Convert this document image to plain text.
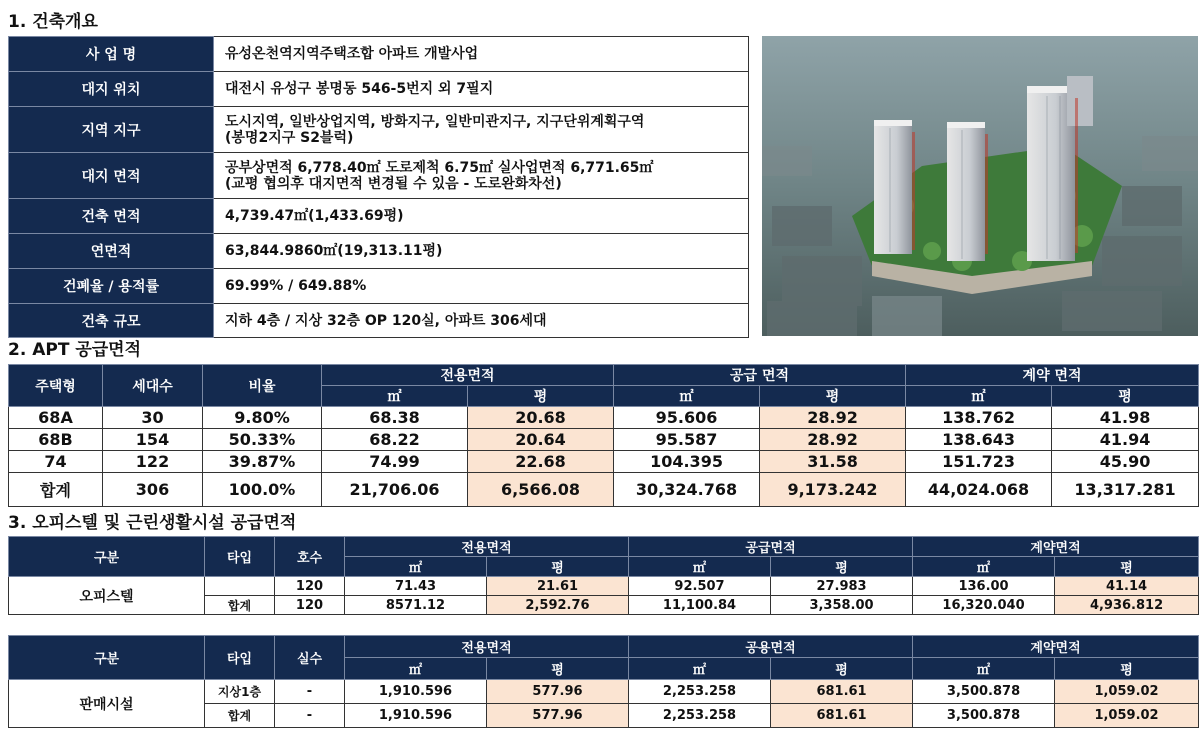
1. 건축개요
2. APT 공급면적
3. 오피스텔 및 근린생활시설 공급면적
사 업 명	유성온천역지역주택조합 아파트 개발사업
대지 위치	대전시 유성구 봉명동 546-5번지 외 7필지
지역 지구	도시지역, 일반상업지역, 방화지구, 일반미관지구, 지구단위계획구역
(봉명2지구 S2블럭)

대지 면적	공부상면적 6,778.40㎡ 도로제척 6.75㎡ 실사업면적 6,771.65㎡
(교평 협의후 대지면적 변경될 수 있음 - 도로완화차선)

건축 면적	4,739.47㎡(1,433.69평)
연면적	63,844.9860㎡(19,313.11평)
건폐율 / 용적률	69.99% / 649.88%
건축 규모	지하 4층 / 지상 32층 OP 120실, 아파트 306세대
주택형	세대수	비율	전용면적		공급 면적		계약 면적	
			㎡	평	㎡	평	㎡	평
68A	30	9.80%	68.38	20.68	95.606	28.92	138.762	41.98
68B	154	50.33%	68.22	20.64	95.587	28.92	138.643	41.94
74	122	39.87%	74.99	22.68	104.395	31.58	151.723	45.90
합계	306	100.0%	21,706.06	6,566.08	30,324.768	9,173.242	44,024.068	13,317.281
구분	타입	호수	전용면적		공급면적		계약면적	
			㎡	평	㎡	평	㎡	평
오피스텔		120	71.43	21.61	92.507	27.983	136.00	41.14
	합계	120	8571.12	2,592.76	11,100.84	3,358.00	16,320.040	4,936.812
구분	타입	실수	전용면적		공용면적		계약면적	
			㎡	평	㎡	평	㎡	평
판매시설	지상1층	-	1,910.596	577.96	2,253.258	681.61	3,500.878	1,059.02
	합계	-	1,910.596	577.96	2,253.258	681.61	3,500.878	1,059.02
